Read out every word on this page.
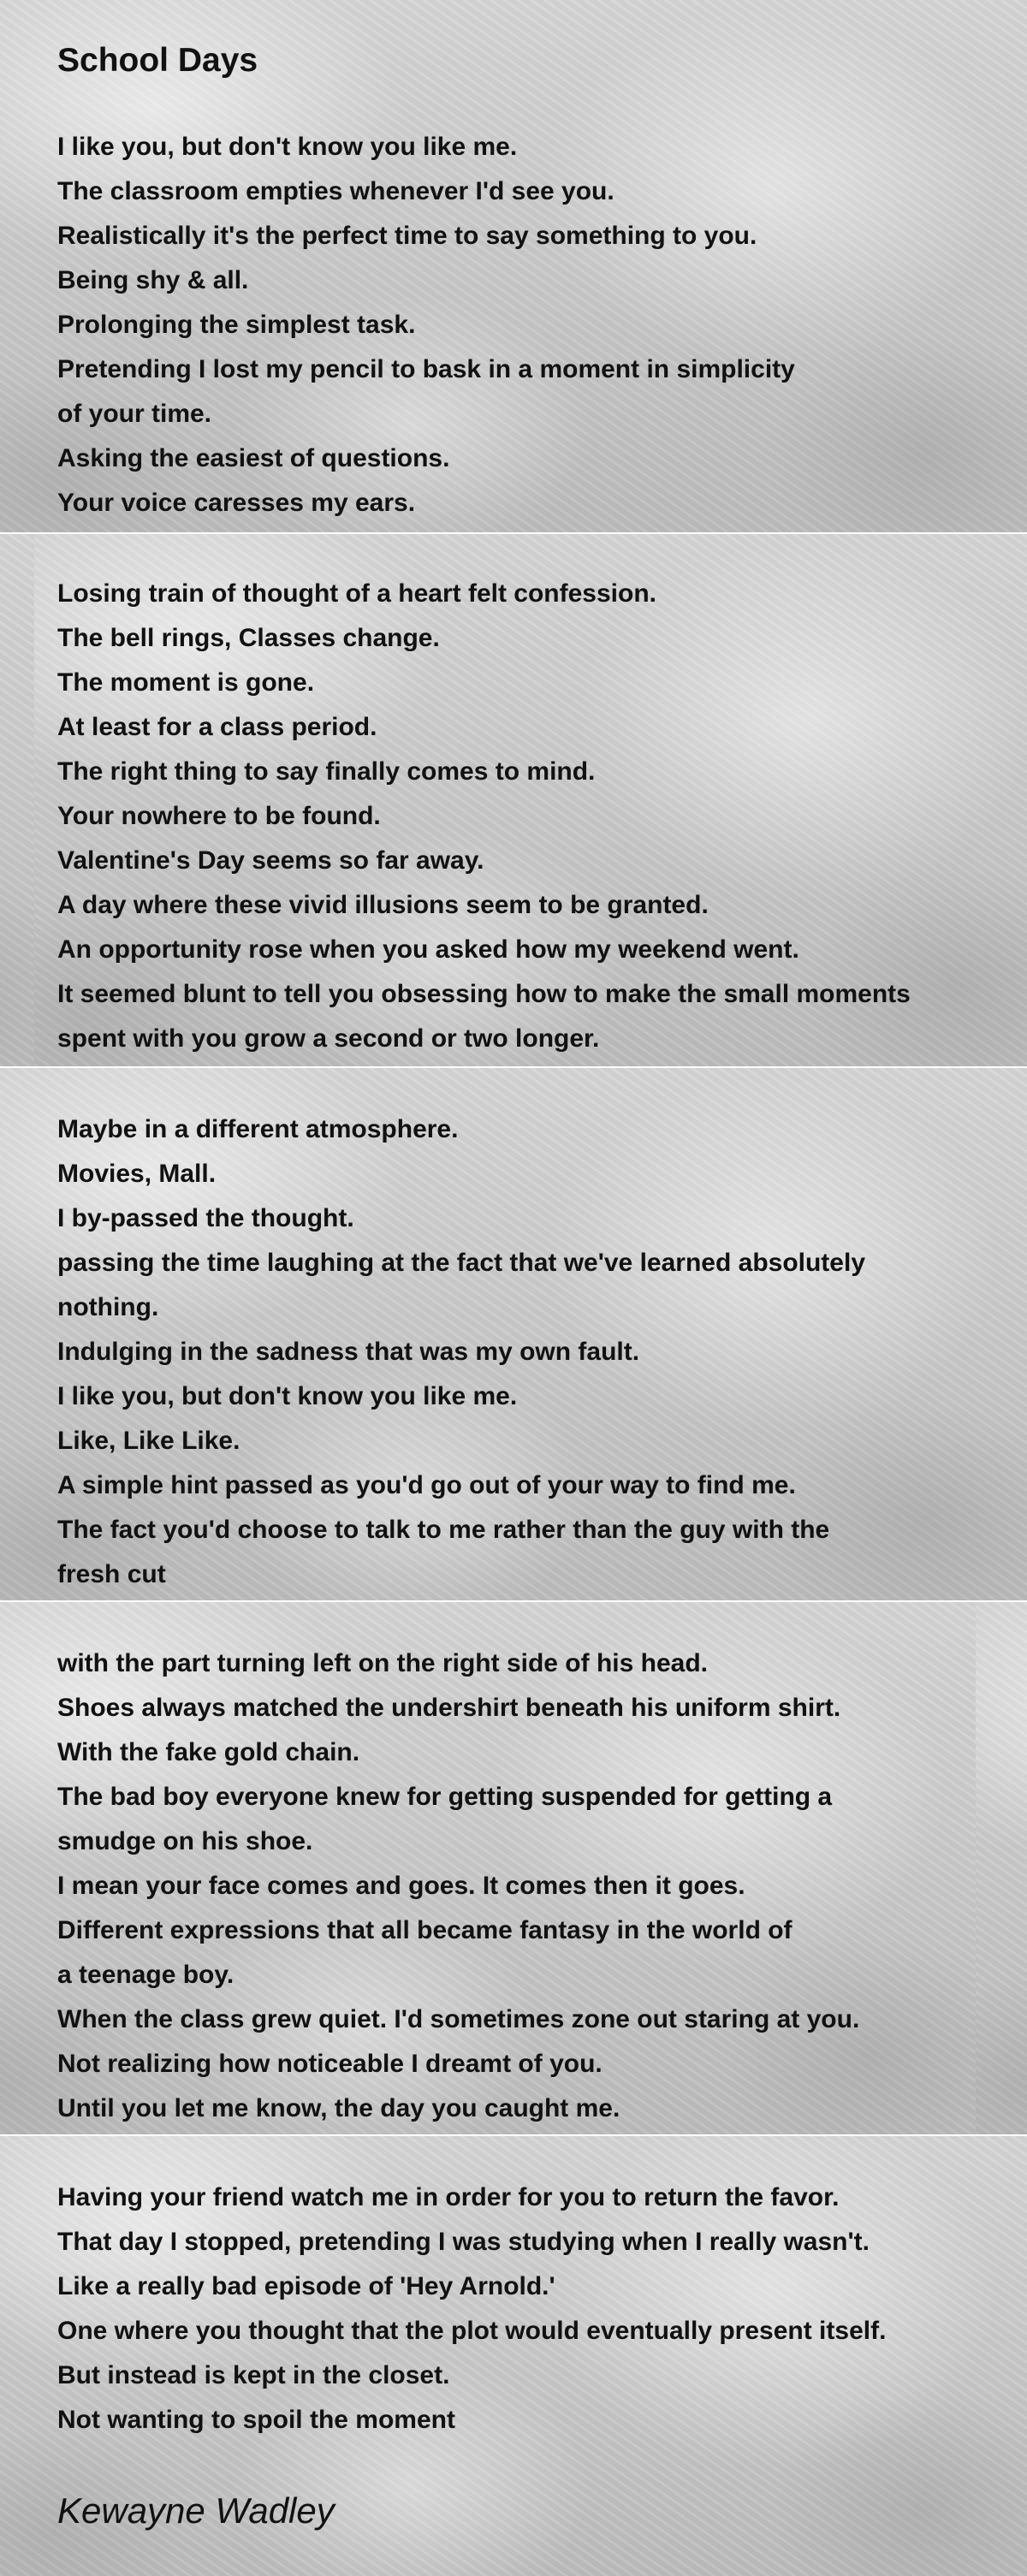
School Days
I like you, but don't know you like me.
The classroom empties whenever I'd see you.
Realistically it's the perfect time to say something to you.
Being shy & all.
Prolonging the simplest task.
Pretending I lost my pencil to bask in a moment in simplicity
of your time.
Asking the easiest of questions.
Your voice caresses my ears.
Losing train of thought of a heart felt confession.
The bell rings, Classes change.
The moment is gone.
At least for a class period.
The right thing to say finally comes to mind.
Your nowhere to be found.
Valentine's Day seems so far away.
A day where these vivid illusions seem to be granted.
An opportunity rose when you asked how my weekend went.
It seemed blunt to tell you obsessing how to make the small moments
spent with you grow a second or two longer.
Maybe in a different atmosphere.
Movies, Mall.
I by-passed the thought.
passing the time laughing at the fact that we've learned absolutely
nothing.
Indulging in the sadness that was my own fault.
I like you, but don't know you like me.
Like, Like Like.
A simple hint passed as you'd go out of your way to find me.
The fact you'd choose to talk to me rather than the guy with the
fresh cut
with the part turning left on the right side of his head.
Shoes always matched the undershirt beneath his uniform shirt.
With the fake gold chain.
The bad boy everyone knew for getting suspended for getting a
smudge on his shoe.
I mean your face comes and goes. It comes then it goes.
Different expressions that all became fantasy in the world of
a teenage boy.
When the class grew quiet. I'd sometimes zone out staring at you.
Not realizing how noticeable I dreamt of you.
Until you let me know, the day you caught me.
Having your friend watch me in order for you to return the favor.
That day I stopped, pretending I was studying when I really wasn't.
Like a really bad episode of 'Hey Arnold.'
One where you thought that the plot would eventually present itself.
But instead is kept in the closet.
Not wanting to spoil the moment
Kewayne Wadley
